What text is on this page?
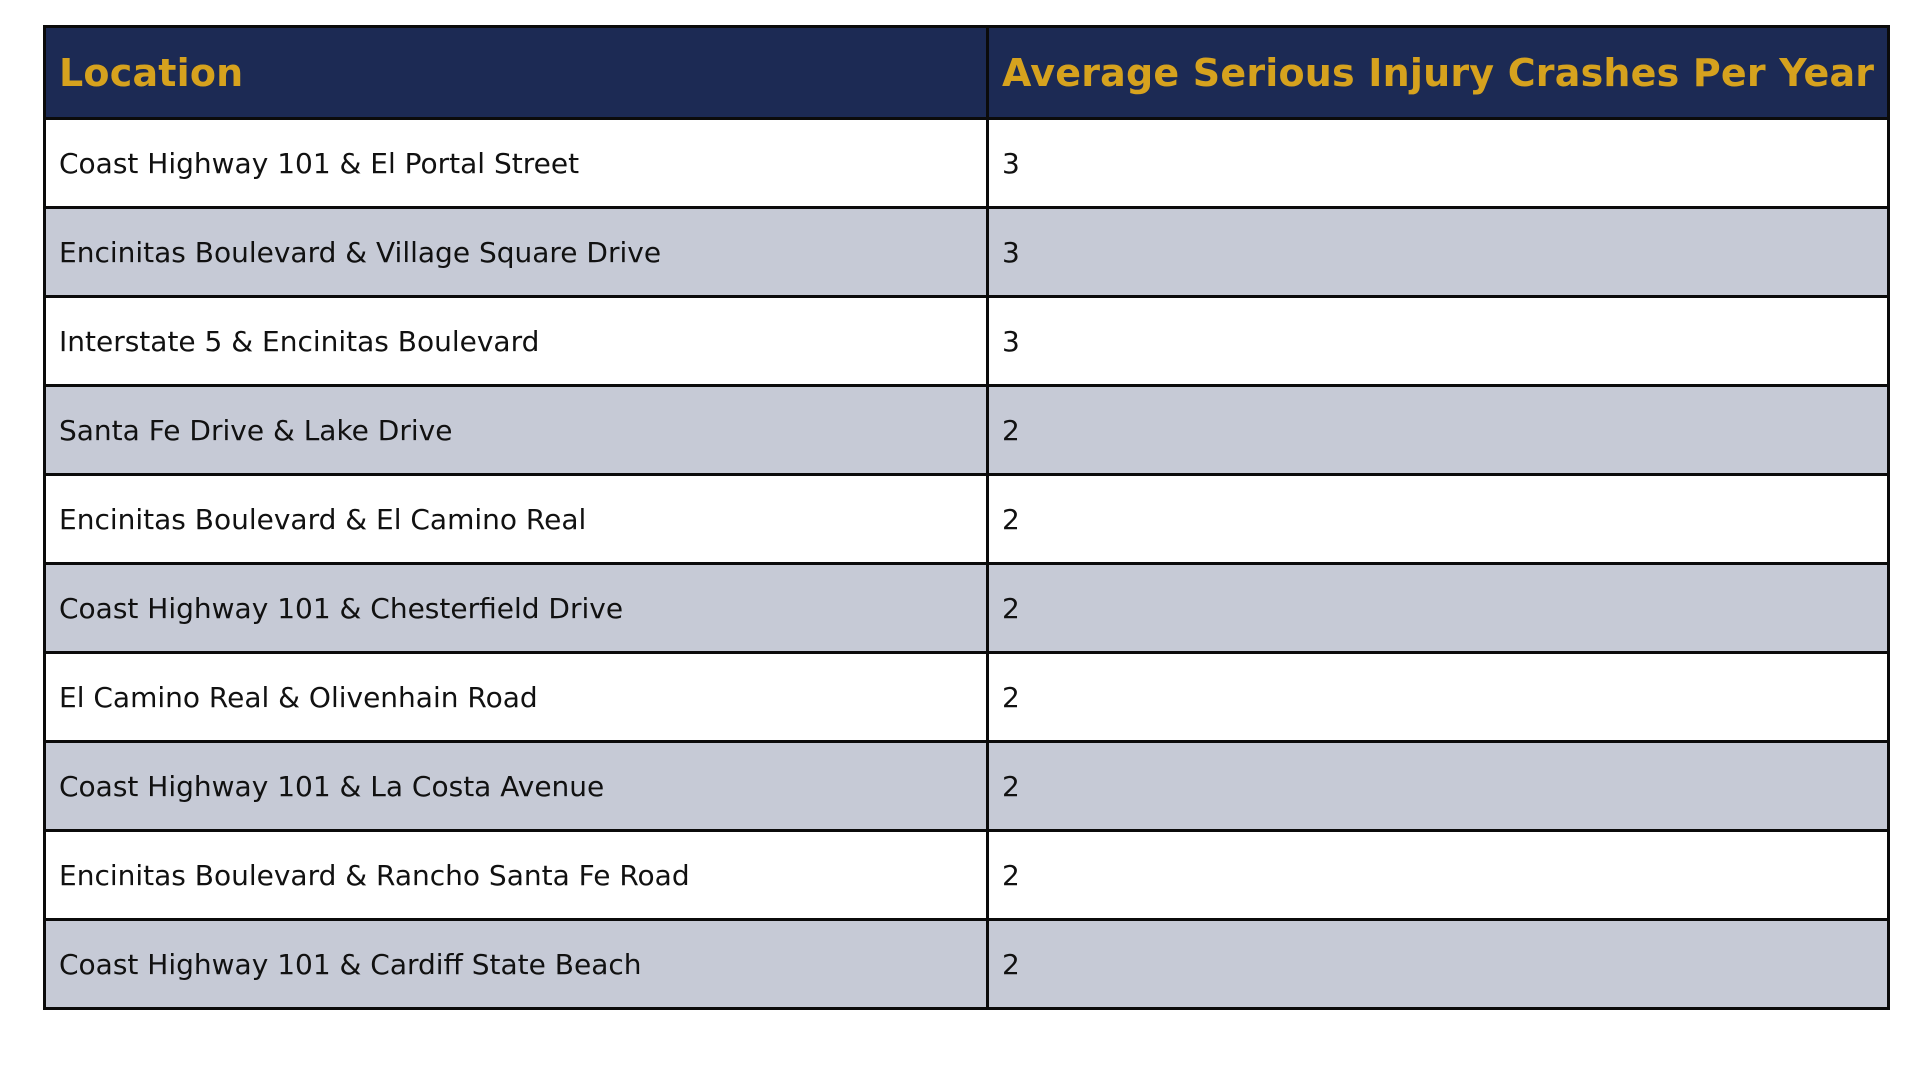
Location	Average Serious Injury Crashes Per Year
Coast Highway 101 & El Portal Street	3
Encinitas Boulevard & Village Square Drive	3
Interstate 5 & Encinitas Boulevard	3
Santa Fe Drive & Lake Drive	2
Encinitas Boulevard & El Camino Real	2
Coast Highway 101 & Chesterfield Drive	2
El Camino Real & Olivenhain Road	2
Coast Highway 101 & La Costa Avenue	2
Encinitas Boulevard & Rancho Santa Fe Road	2
Coast Highway 101 & Cardiff State Beach	2
